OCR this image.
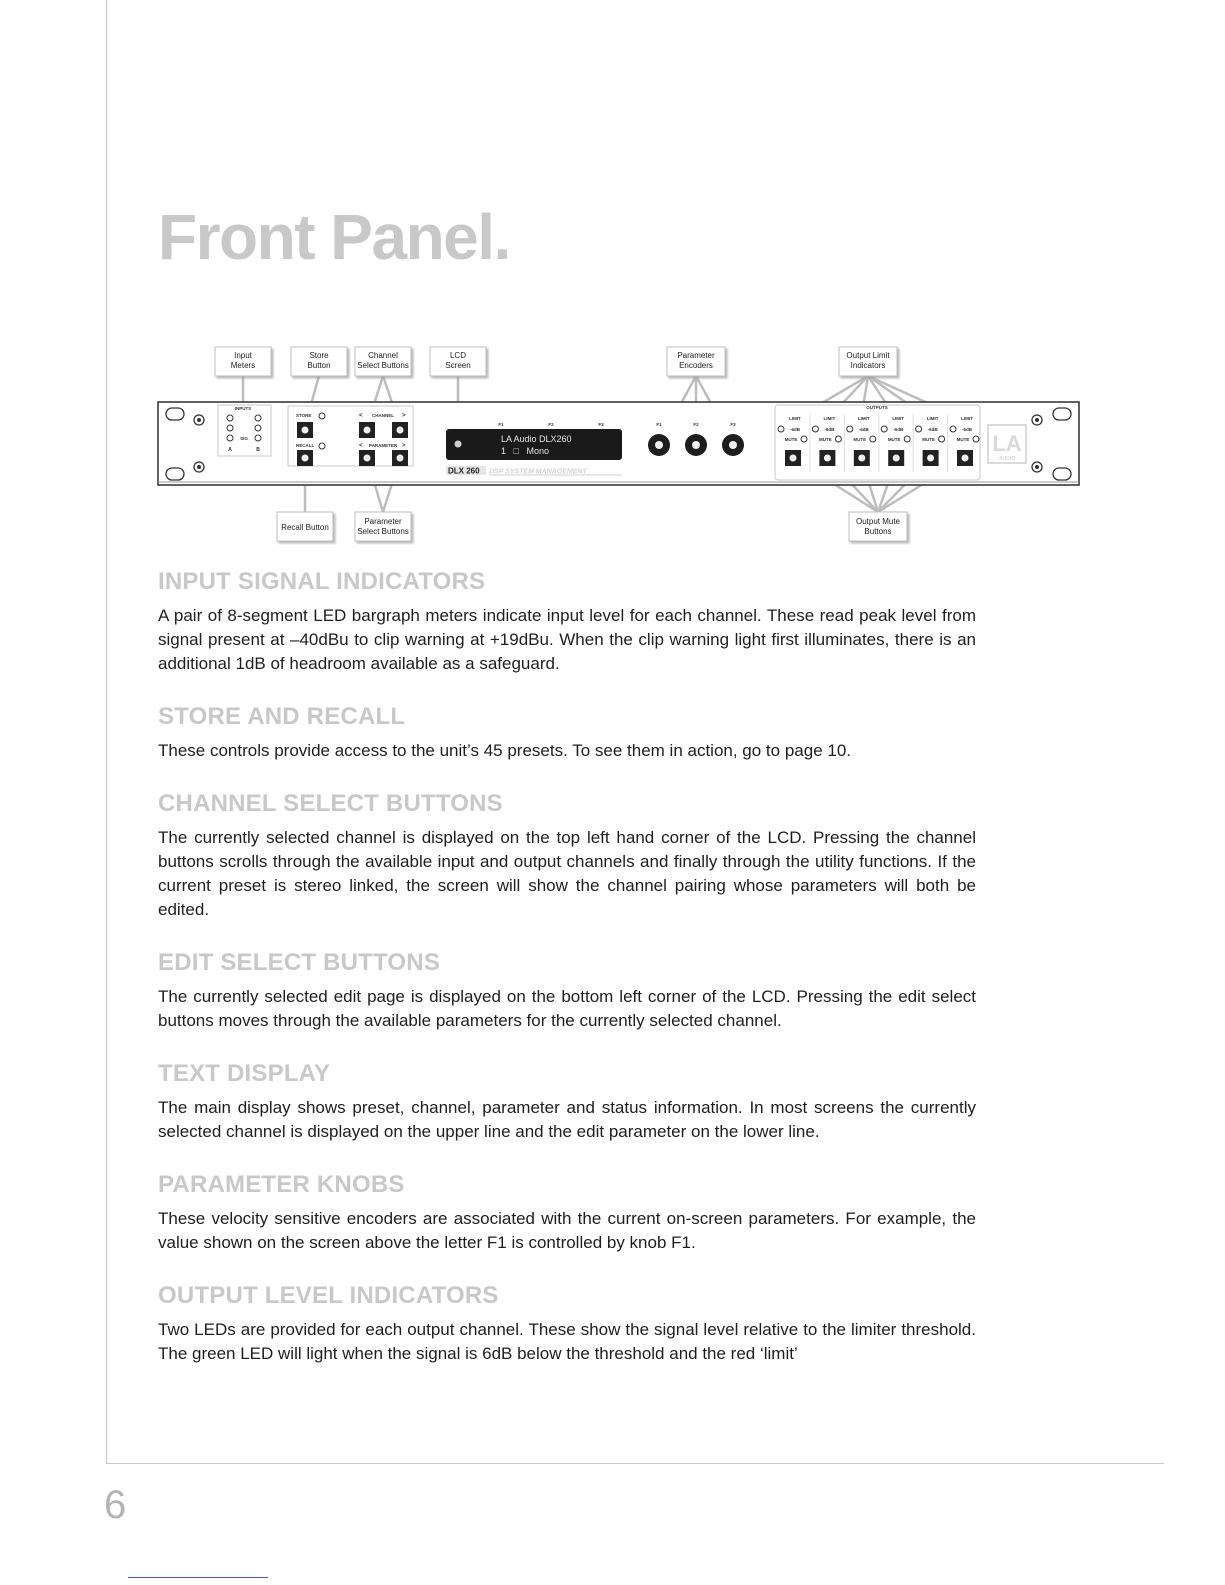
Front Panel.
INPUTS
SIG
A	B
STORE
RECALL
< CHANNEL >
< PARAMETER >
F1	F2	F3
LA Audio DLX260
1   □   Mono
DLX 260 DSP SYSTEM MANAGEMENT
F1	F2	F3
OUTPUTS
LIMIT
-6dB
MUTE
LIMIT
-6dB
MUTE
LIMIT
-6dB
MUTE
LIMIT
-6dB
MUTE
LIMIT
-6dB
MUTE
LIMIT
-6dB
MUTE LA
AUDIO
Input
Meters
Store
Button
Channel
Select Buttons
LCD
Screen
Parameter
Encoders
Output Limit
Indicators
Recall Button
Parameter
Select Buttons
Output Mute
Buttons
INPUT SIGNAL INDICATORS

A pair of 8-segment LED bargraph meters indicate input level for each channel. These read peak level from signal present at –40dBu to clip warning at +19dBu. When the clip warning light first illuminates, there is an additional 1dB of headroom available as a safeguard.

STORE AND RECALL

These controls provide access to the unit’s 45 presets. To see them in action, go to page 10.

CHANNEL SELECT BUTTONS

The currently selected channel is displayed on the top left hand corner of the LCD. Pressing the channel buttons scrolls through the available input and output channels and finally through the utility functions. If the current preset is stereo linked, the screen will show the channel pairing whose parameters will both be edited.

EDIT SELECT BUTTONS

The currently selected edit page is displayed on the bottom left corner of the LCD. Pressing the edit select buttons moves through the available parameters for the currently selected channel.

TEXT DISPLAY

The main display shows preset, channel, parameter and status information. In most screens the currently selected channel is displayed on the upper line and the edit parameter on the lower line.

PARAMETER KNOBS

These velocity sensitive encoders are associated with the current on-screen parameters. For example, the value shown on the screen above the letter F1 is controlled by knob F1.

OUTPUT LEVEL INDICATORS

Two LEDs are provided for each output channel. These show the signal level relative to the limiter threshold. The green LED will light when the signal is 6dB below the threshold and the red ‘limit’

6
